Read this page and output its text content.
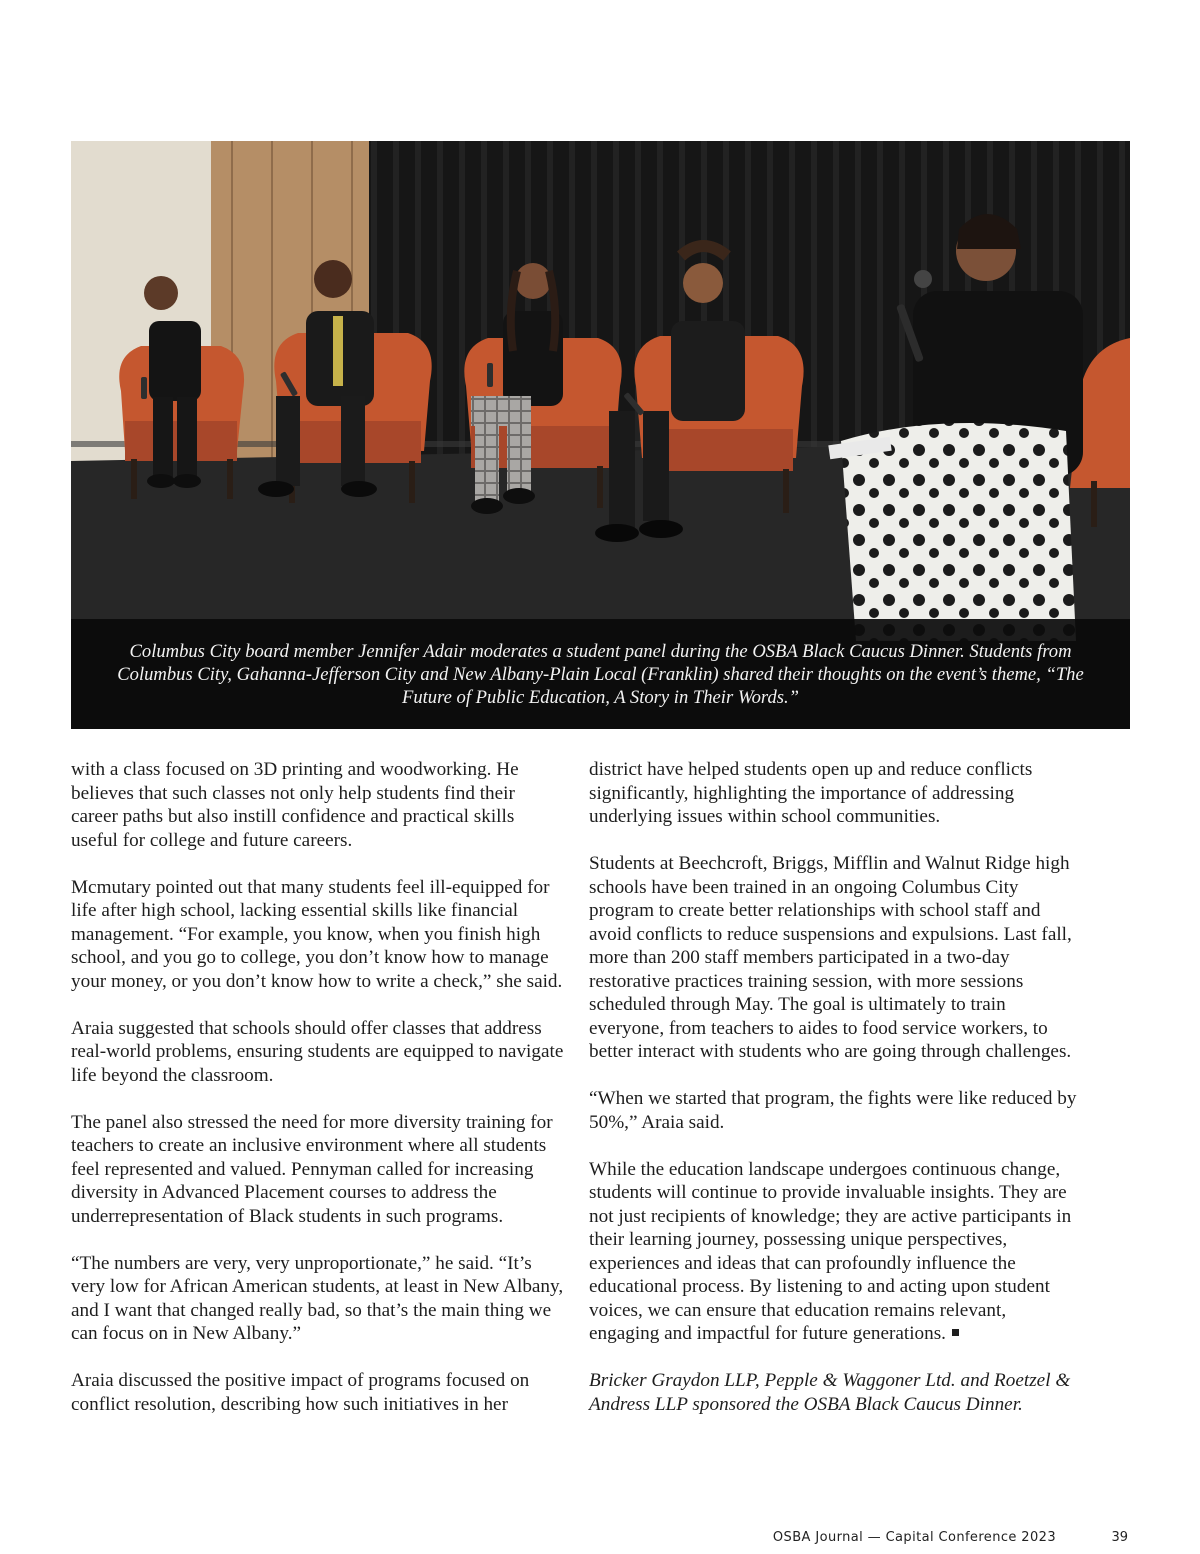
Columbus City board member Jennifer Adair moderates a student panel during the OSBA Black Caucus Dinner. Students from Columbus City, Gahanna-Jefferson City and New Albany-Plain Local (Franklin) shared their thoughts on the event’s theme, “The Future of Public Education, A Story in Their Words.”

with a class focused on 3D printing and woodworking. He believes that such classes not only help students find their career paths but also instill confidence and practical skills useful for college and future careers.

Mcmutary pointed out that many students feel ill-equipped for life after high school, lacking essential skills like financial management. “For example, you know, when you finish high school, and you go to college, you don’t know how to manage your money, or you don’t know how to write a check,” she said.

Araia suggested that schools should offer classes that address real-world problems, ensuring students are equipped to navigate life beyond the classroom.

The panel also stressed the need for more diversity training for teachers to create an inclusive environment where all students feel represented and valued. Pennyman called for increasing diversity in Advanced Placement courses to address the underrepresentation of Black students in such programs.

“The numbers are very, very unproportionate,” he said. “It’s very low for African American students, at least in New Albany, and I want that changed really bad, so that’s the main thing we can focus on in New Albany.”

Araia discussed the positive impact of programs focused on conflict resolution, describing how such initiatives in her

district have helped students open up and reduce conflicts significantly, highlighting the importance of addressing underlying issues within school communities.

Students at Beechcroft, Briggs, Mifflin and Walnut Ridge high schools have been trained in an ongoing Columbus City program to create better relationships with school staff and avoid conflicts to reduce suspensions and expulsions. Last fall, more than 200 staff members participated in a two-day restorative practices training session, with more sessions scheduled through May. The goal is ultimately to train everyone, from teachers to aides to food service workers, to better interact with students who are going through challenges.

“When we started that program, the fights were like reduced by 50%,” Araia said.

While the education landscape undergoes continuous change, students will continue to provide invaluable insights. They are not just recipients of knowledge; they are active participants in their learning journey, possessing unique perspectives, experiences and ideas that can profoundly influence the educational process. By listening to and acting upon student voices, we can ensure that education remains relevant, engaging and impactful for future generations.

Bricker Graydon LLP, Pepple & Waggoner Ltd. and Roetzel & Andress LLP sponsored the OSBA Black Caucus Dinner.

OSBA Journal — Capital Conference 2023	39
